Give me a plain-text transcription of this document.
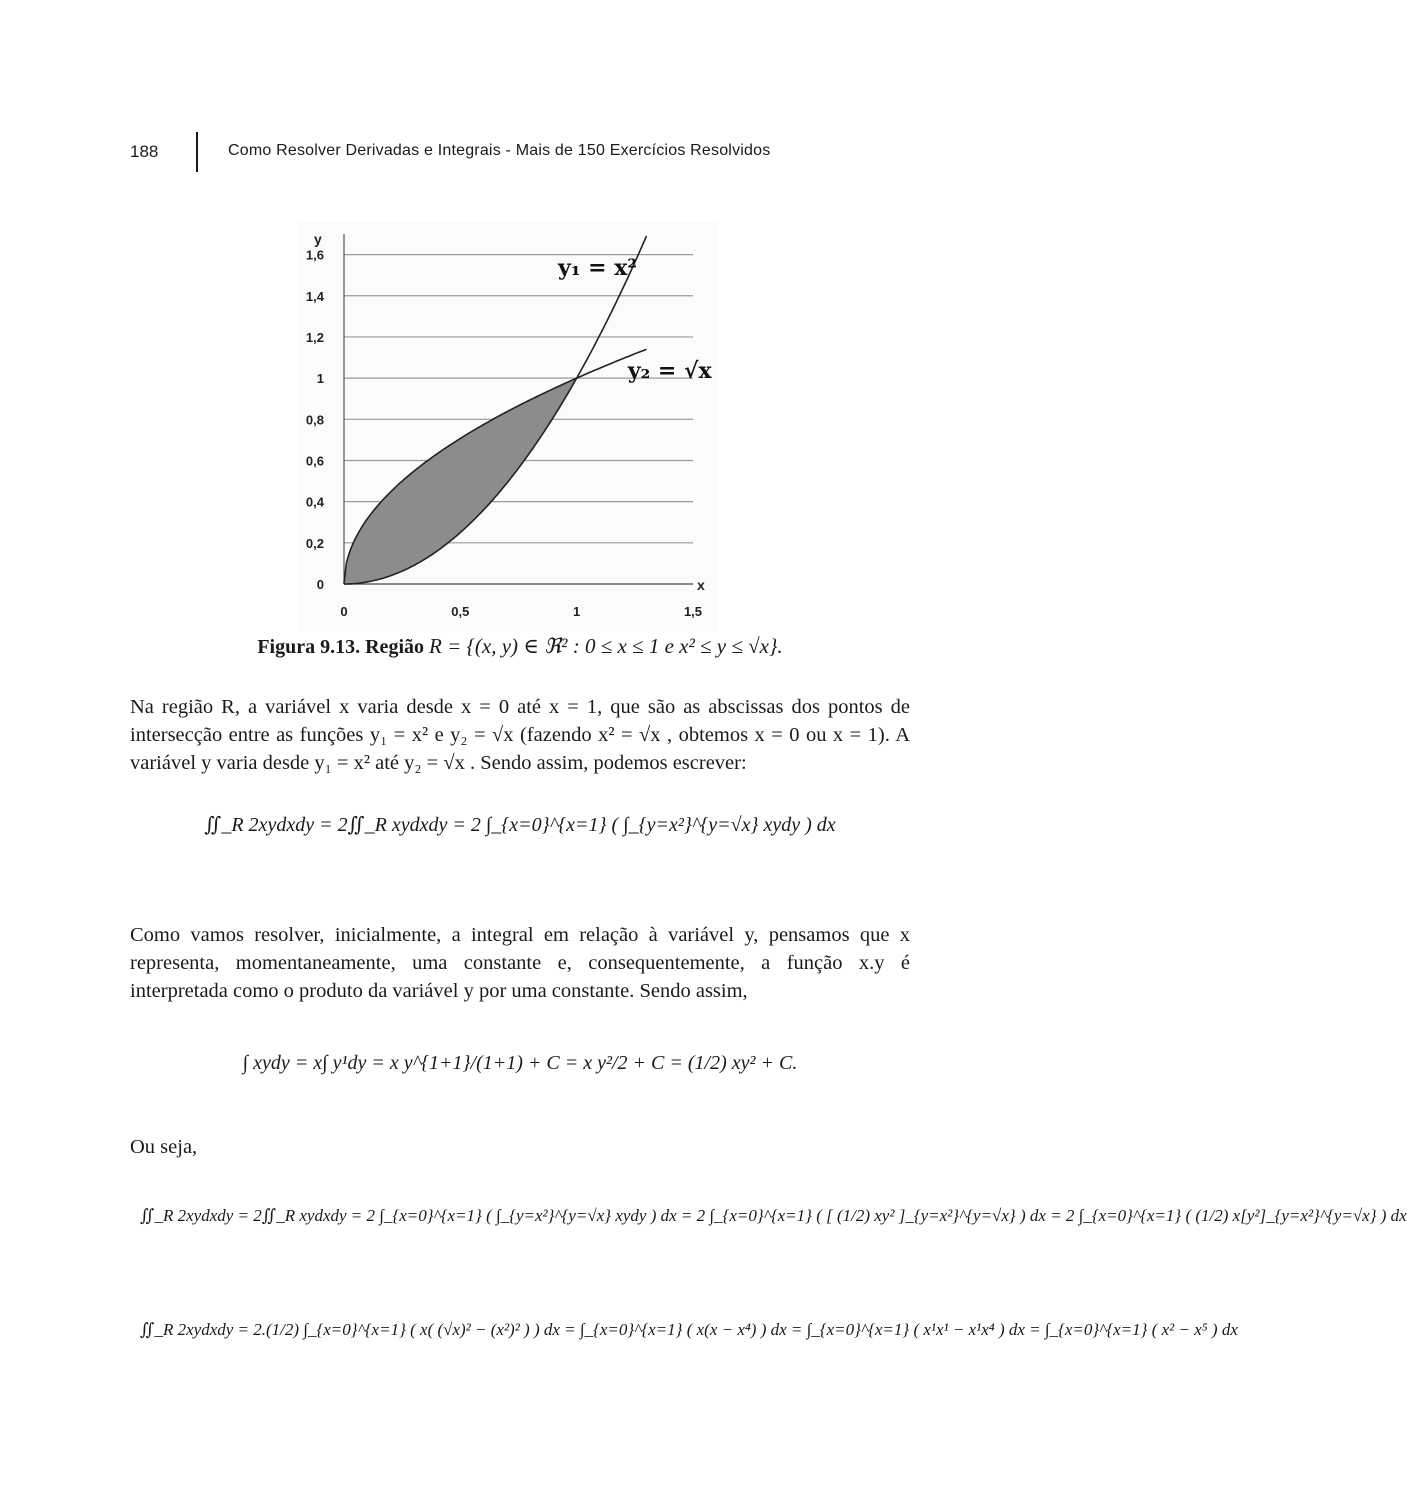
188	Como Resolver Derivadas e Integrais - Mais de 150 Exercícios Resolvidos
0
0,2
0,4
0,6
0,8
1
1,2
1,4
1,6
0	0,5	1	1,5
y
x
y₁ = x²
y₂ = √x
Figura 9.13. Região R = {(x, y) ∈ ℜ² : 0 ≤ x ≤ 1 e x² ≤ y ≤ √x}.
Na região R, a variável x varia desde x = 0 até x = 1, que são as abscissas dos pontos de intersecção entre as funções y₁ = x² e y₂ = √x (fazendo x² = √x , obtemos x = 0 ou x = 1). A variável y varia desde y₁ = x² até y₂ = √x . Sendo assim, podemos escrever:
∬_R 2xydxdy = 2∬_R xydxdy = 2 ∫_{x=0}^{x=1} ( ∫_{y=x²}^{y=√x} xydy ) dx
Como vamos resolver, inicialmente, a integral em relação à variável y, pensamos que x representa, momentaneamente, uma constante e, consequentemente, a função x.y é interpretada como o produto da variável y por uma constante. Sendo assim,
∫ xydy = x∫ y¹dy = x y^{1+1}/(1+1) + C = x y²/2 + C = (1/2) xy² + C.
Ou seja,
∬_R 2xydxdy = 2∬_R xydxdy = 2 ∫_{x=0}^{x=1} ( ∫_{y=x²}^{y=√x} xydy ) dx = 2 ∫_{x=0}^{x=1} ( [ (1/2) xy² ]_{y=x²}^{y=√x} ) dx = 2 ∫_{x=0}^{x=1} ( (1/2) x[y²]_{y=x²}^{y=√x} ) dx
∬_R 2xydxdy = 2.(1/2) ∫_{x=0}^{x=1} ( x( (√x)² − (x²)² ) ) dx = ∫_{x=0}^{x=1} ( x(x − x⁴) ) dx = ∫_{x=0}^{x=1} ( x¹x¹ − x¹x⁴ ) dx = ∫_{x=0}^{x=1} ( x² − x⁵ ) dx
